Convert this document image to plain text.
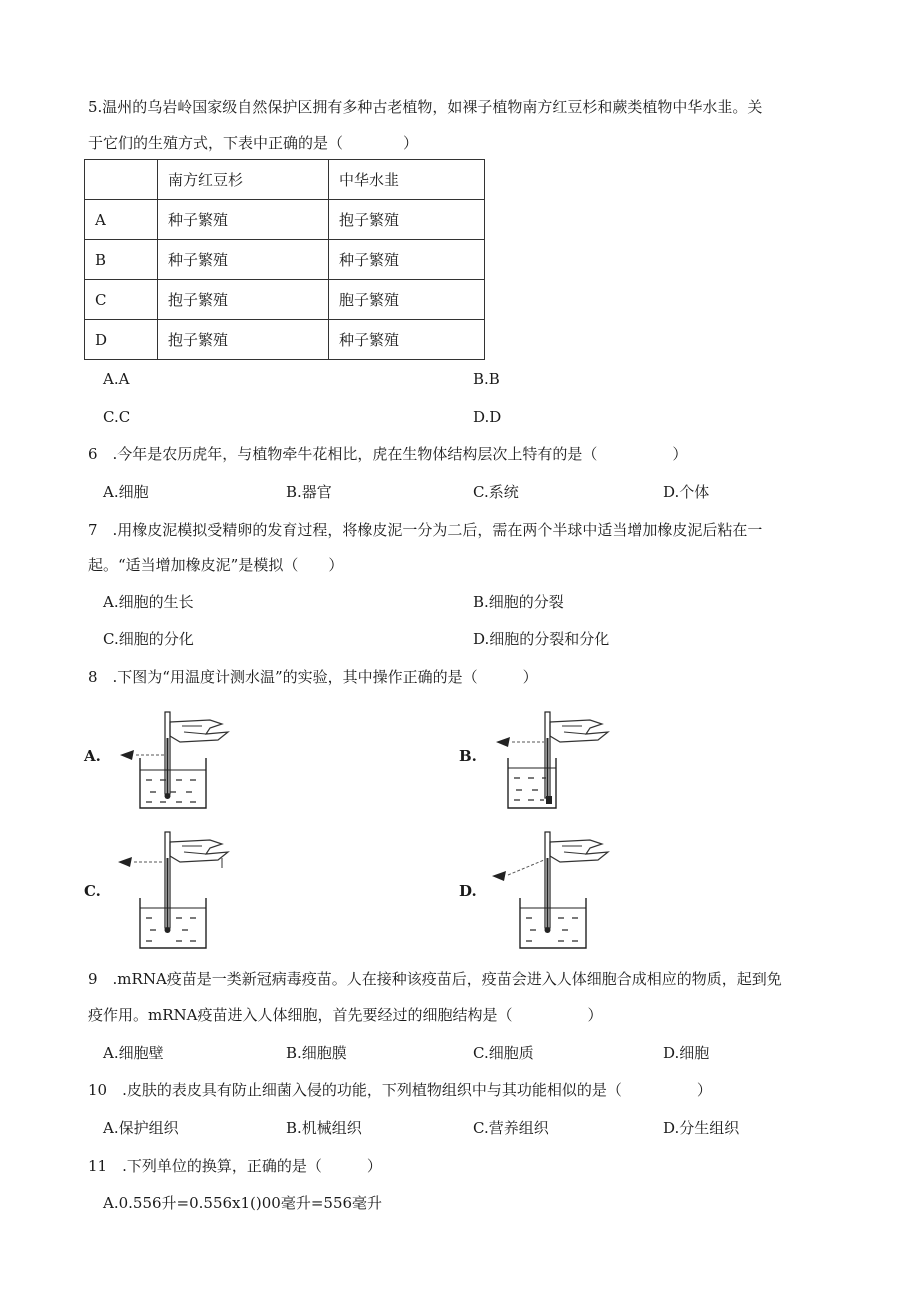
5.温州的乌岩岭国家级自然保护区拥有多种古老植物，如裸子植物南方红豆杉和蕨类植物中华水韭。关
于它们的生殖方式，下表中正确的是（　　　　）
	南方红豆杉	中华水韭
A	种子繁殖	抱子繁殖
B	种子繁殖	种子繁殖
C	抱子繁殖	胞子繁殖
D	抱子繁殖	种子繁殖
A.A	B.B
C.C	D.D
6　.今年是农历虎年，与植物牵牛花相比，虎在生物体结构层次上特有的是（　　　　　）
A.细胞	B.器官	C.系统	D.个体
7　.用橡皮泥模拟受精卵的发育过程，将橡皮泥一分为二后，需在两个半球中适当增加橡皮泥后粘在一
起。“适当增加橡皮泥”是模拟（　　）
A.细胞的生长	B.细胞的分裂
C.细胞的分化	D.细胞的分裂和分化
8　.下图为“用温度计测水温”的实验，其中操作正确的是（　　　）
A.	B.
C.	D.
9　.mRNA疫苗是一类新冠病毒疫苗。人在接种该疫苗后，疫苗会进入人体细胞合成相应的物质，起到免
疫作用。mRNA疫苗进入人体细胞，首先要经过的细胞结构是（　　　　　）
A.细胞壁	B.细胞膜	C.细胞质	D.细胞
10　.皮肤的表皮具有防止细菌入侵的功能，下列植物组织中与其功能相似的是（　　　　　）
A.保护组织	B.机械组织	C.营养组织	D.分生组织
11　.下列单位的换算，正确的是（　　　）
A.0.556升=0.556x1()00毫升=556毫升
